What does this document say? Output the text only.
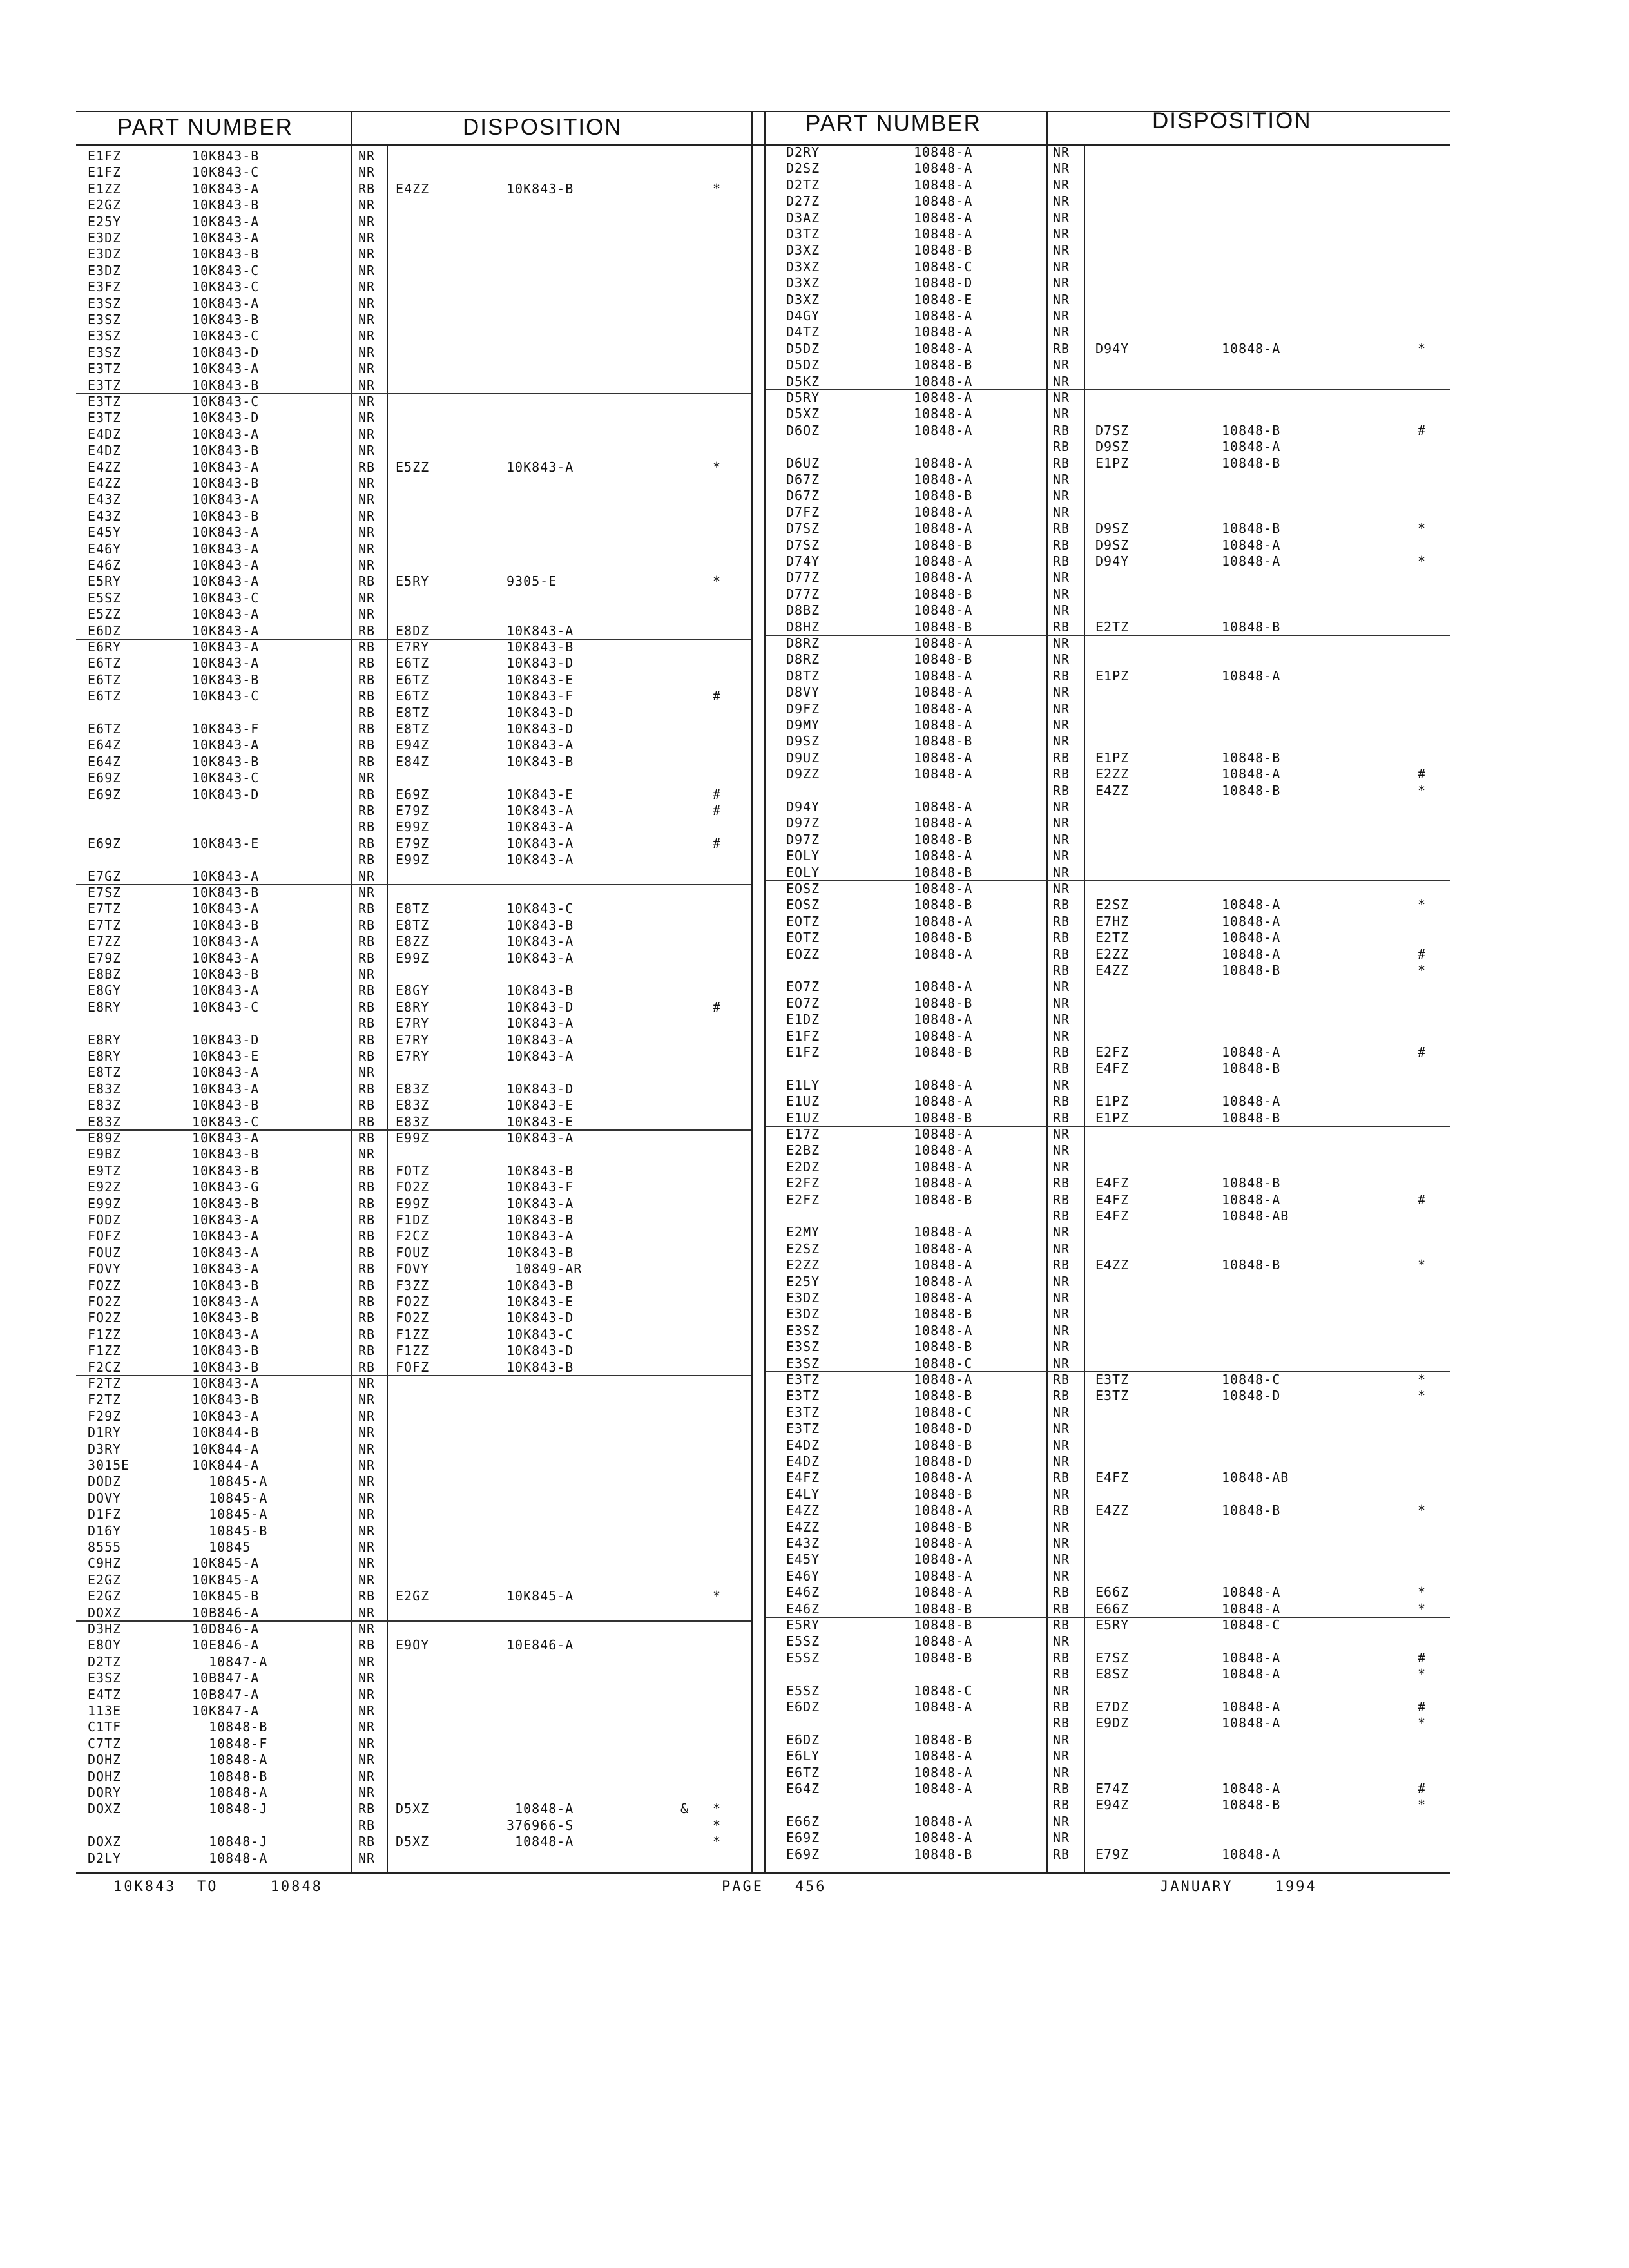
PART NUMBER	DISPOSITION	PART NUMBER	DISPOSITION
E1FZ	10K843-B	NR
E1FZ	10K843-C	NR
E1ZZ	10K843-A	RB E4ZZ	10K843-B	*
E2GZ	10K843-B	NR
E25Y	10K843-A	NR
E3DZ	10K843-A	NR
E3DZ	10K843-B	NR
E3DZ	10K843-C	NR
E3FZ	10K843-C	NR
E3SZ	10K843-A	NR
E3SZ	10K843-B	NR
E3SZ	10K843-C	NR
E3SZ	10K843-D	NR
E3TZ	10K843-A	NR
E3TZ	10K843-B	NR
E3TZ	10K843-C	NR
E3TZ	10K843-D	NR
E4DZ	10K843-A	NR
E4DZ	10K843-B	NR
E4ZZ	10K843-A	RB E5ZZ	10K843-A	*
E4ZZ	10K843-B	NR
E43Z	10K843-A	NR
E43Z	10K843-B	NR
E45Y	10K843-A	NR
E46Y	10K843-A	NR
E46Z	10K843-A	NR
E5RY	10K843-A	RB E5RY	9305-E	*
E5SZ	10K843-C	NR
E5ZZ	10K843-A	NR
E6DZ	10K843-A	RB E8DZ	10K843-A
E6RY	10K843-A	RB E7RY	10K843-B
E6TZ	10K843-A	RB E6TZ	10K843-D
E6TZ	10K843-B	RB E6TZ	10K843-E
E6TZ	10K843-C	RB E6TZ	10K843-F	#
RB E8TZ	10K843-D
E6TZ	10K843-F	RB E8TZ	10K843-D
E64Z	10K843-A	RB E94Z	10K843-A
E64Z	10K843-B	RB E84Z	10K843-B
E69Z	10K843-C	NR
E69Z	10K843-D	RB E69Z	10K843-E	#
RB E79Z	10K843-A	#
RB E99Z	10K843-A
E69Z	10K843-E	RB E79Z	10K843-A	#
RB E99Z	10K843-A
E7GZ	10K843-A	NR
E7SZ	10K843-B	NR
E7TZ	10K843-A	RB E8TZ	10K843-C
E7TZ	10K843-B	RB E8TZ	10K843-B
E7ZZ	10K843-A	RB E8ZZ	10K843-A
E79Z	10K843-A	RB E99Z	10K843-A
E8BZ	10K843-B	NR
E8GY	10K843-A	RB E8GY	10K843-B
E8RY	10K843-C	RB E8RY	10K843-D	#
RB E7RY	10K843-A
E8RY	10K843-D	RB E7RY	10K843-A
E8RY	10K843-E	RB E7RY	10K843-A
E8TZ	10K843-A	NR
E83Z	10K843-A	RB E83Z	10K843-D
E83Z	10K843-B	RB E83Z	10K843-E
E83Z	10K843-C	RB E83Z	10K843-E
E89Z	10K843-A	RB E99Z	10K843-A
E9BZ	10K843-B	NR
E9TZ	10K843-B	RB FOTZ	10K843-B
E92Z	10K843-G	RB FO2Z	10K843-F
E99Z	10K843-B	RB E99Z	10K843-A
FODZ	10K843-A	RB F1DZ	10K843-B
FOFZ	10K843-A	RB F2CZ	10K843-A
FOUZ	10K843-A	RB FOUZ	10K843-B
FOVY	10K843-A	RB FOVY	10849-AR
FOZZ	10K843-B	RB F3ZZ	10K843-B
FO2Z	10K843-A	RB FO2Z	10K843-E
FO2Z	10K843-B	RB FO2Z	10K843-D
F1ZZ	10K843-A	RB F1ZZ	10K843-C
F1ZZ	10K843-B	RB F1ZZ	10K843-D
F2CZ	10K843-B	RB FOFZ	10K843-B
F2TZ	10K843-A	NR
F2TZ	10K843-B	NR
F29Z	10K843-A	NR
D1RY	10K844-B	NR
D3RY	10K844-A	NR
3015E	10K844-A	NR
DODZ	10845-A	NR
DOVY	10845-A	NR
D1FZ	10845-A	NR
D16Y	10845-B	NR
8555	10845	NR
C9HZ	10K845-A	NR
E2GZ	10K845-A	NR
E2GZ	10K845-B	RB E2GZ	10K845-A	*
DOXZ	10B846-A	NR
D3HZ	10D846-A	NR
E8OY	10E846-A	RB E9OY	10E846-A
D2TZ	10847-A	NR
E3SZ	10B847-A	NR
E4TZ	10B847-A	NR
113E	10K847-A	NR
C1TF	10848-B	NR
C7TZ	10848-F	NR
DOHZ	10848-A	NR
DOHZ	10848-B	NR
DORY	10848-A	NR
DOXZ	10848-J	RB D5XZ	10848-A	& *
RB	376966-S	*
DOXZ	10848-J	RB D5XZ	10848-A	*
D2LY	10848-A	NR
D2RY	10848-A	NR
D2SZ	10848-A	NR
D2TZ	10848-A	NR
D27Z	10848-A	NR
D3AZ	10848-A	NR
D3TZ	10848-A	NR
D3XZ	10848-B	NR
D3XZ	10848-C	NR
D3XZ	10848-D	NR
D3XZ	10848-E	NR
D4GY	10848-A	NR
D4TZ	10848-A	NR
D5DZ	10848-A	RB D94Y	10848-A	*
D5DZ	10848-B	NR
D5KZ	10848-A	NR
D5RY	10848-A	NR
D5XZ	10848-A	NR
D6OZ	10848-A	RB D7SZ	10848-B	#
RB D9SZ	10848-A
D6UZ	10848-A	RB E1PZ	10848-B
D67Z	10848-A	NR
D67Z	10848-B	NR
D7FZ	10848-A	NR
D7SZ	10848-A	RB D9SZ	10848-B	*
D7SZ	10848-B	RB D9SZ	10848-A
D74Y	10848-A	RB D94Y	10848-A	*
D77Z	10848-A	NR
D77Z	10848-B	NR
D8BZ	10848-A	NR
D8HZ	10848-B	RB E2TZ	10848-B
D8RZ	10848-A	NR
D8RZ	10848-B	NR
D8TZ	10848-A	RB E1PZ	10848-A
D8VY	10848-A	NR
D9FZ	10848-A	NR
D9MY	10848-A	NR
D9SZ	10848-B	NR
D9UZ	10848-A	RB E1PZ	10848-B
D9ZZ	10848-A	RB E2ZZ	10848-A	#
RB E4ZZ	10848-B	*
D94Y	10848-A	NR
D97Z	10848-A	NR
D97Z	10848-B	NR
EOLY	10848-A	NR
EOLY	10848-B	NR
EOSZ	10848-A	NR
EOSZ	10848-B	RB E2SZ	10848-A	*
EOTZ	10848-A	RB E7HZ	10848-A
EOTZ	10848-B	RB E2TZ	10848-A
EOZZ	10848-A	RB E2ZZ	10848-A	#
RB E4ZZ	10848-B	*
EO7Z	10848-A	NR
EO7Z	10848-B	NR
E1DZ	10848-A	NR
E1FZ	10848-A	NR
E1FZ	10848-B	RB E2FZ	10848-A	#
RB E4FZ	10848-B
E1LY	10848-A	NR
E1UZ	10848-A	RB E1PZ	10848-A
E1UZ	10848-B	RB E1PZ	10848-B
E17Z	10848-A	NR
E2BZ	10848-A	NR
E2DZ	10848-A	NR
E2FZ	10848-A	RB E4FZ	10848-B
E2FZ	10848-B	RB E4FZ	10848-A	#
RB E4FZ	10848-AB
E2MY	10848-A	NR
E2SZ	10848-A	NR
E2ZZ	10848-A	RB E4ZZ	10848-B	*
E25Y	10848-A	NR
E3DZ	10848-A	NR
E3DZ	10848-B	NR
E3SZ	10848-A	NR
E3SZ	10848-B	NR
E3SZ	10848-C	NR
E3TZ	10848-A	RB E3TZ	10848-C	*
E3TZ	10848-B	RB E3TZ	10848-D	*
E3TZ	10848-C	NR
E3TZ	10848-D	NR
E4DZ	10848-B	NR
E4DZ	10848-D	NR
E4FZ	10848-A	RB E4FZ	10848-AB
E4LY	10848-B	NR
E4ZZ	10848-A	RB E4ZZ	10848-B	*
E4ZZ	10848-B	NR
E43Z	10848-A	NR
E45Y	10848-A	NR
E46Y	10848-A	NR
E46Z	10848-A	RB E66Z	10848-A	*
E46Z	10848-B	RB E66Z	10848-A	*
E5RY	10848-B	RB E5RY	10848-C
E5SZ	10848-A	NR
E5SZ	10848-B	RB E7SZ	10848-A	#
RB E8SZ	10848-A	*
E5SZ	10848-C	NR
E6DZ	10848-A	RB E7DZ	10848-A	#
RB E9DZ	10848-A	*
E6DZ	10848-B	NR
E6LY	10848-A	NR
E6TZ	10848-A	NR
E64Z	10848-A	RB E74Z	10848-A	#
RB E94Z	10848-B	*
E66Z	10848-A	NR
E69Z	10848-A	NR
E69Z	10848-B	RB E79Z	10848-A
10K843  TO     10848	PAGE   456	JANUARY    1994
